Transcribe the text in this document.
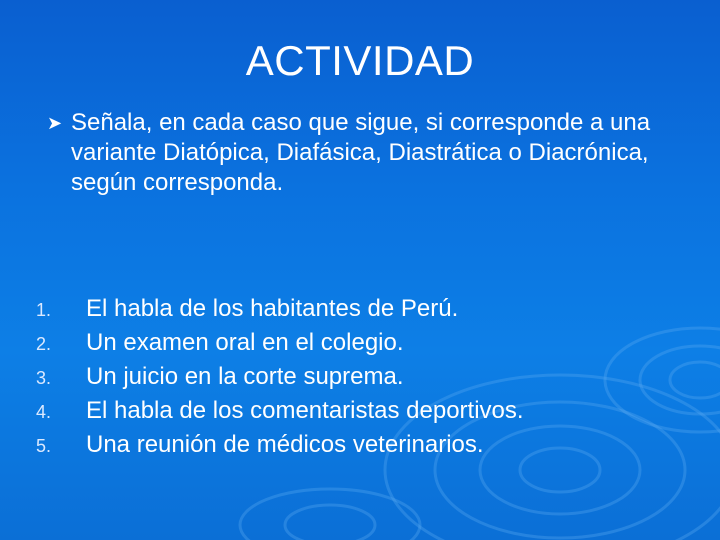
ACTIVIDAD
➤ Señala, en cada caso que sigue, si corresponde a una variante Diatópica, Diafásica, Diastrática o Diacrónica, según corresponda.
1.	El habla de los habitantes de Perú.
2.	Un examen oral en el colegio.
3.	Un juicio en la corte suprema.
4.	El habla de los comentaristas deportivos.
5.	Una reunión de médicos veterinarios.
